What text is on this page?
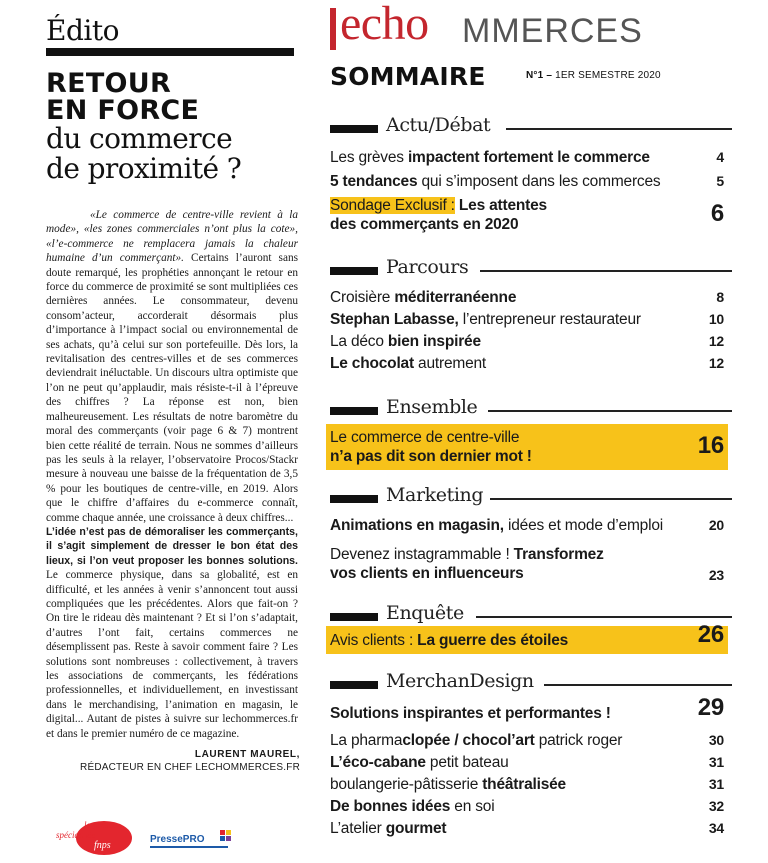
Édito
RETOUR
EN FORCE
du commerce
de proximité ?

«Le commerce de centre-ville revient à la mode», «les zones commerciales n’ont plus la cote», «l’e-commerce ne remplacera jamais la chaleur humaine d’un commerçant». Certains l’auront sans doute remarqué, les prophéties annonçant le retour en force du commerce de proximité se sont multipliées ces dernières années. Le consommateur, devenu consom’acteur, accorderait désormais plus d’importance à l’impact social ou environnemental de ses achats, qu’à celui sur son portefeuille. Dès lors, la revitalisation des centres-villes et de ses commerces deviendrait inéluctable. Un discours ultra optimiste que l’on ne peut qu’applaudir, mais résiste-t-il à l’épreuve des chiffres ? La réponse est non, bien malheureusement. Les résultats de notre baromètre du moral des commerçants (voir page 6 & 7) montrent bien cette réalité de terrain. Nous ne sommes d’ailleurs pas les seuls à la relayer, l’observatoire Procos/Stackr mesure à nouveau une baisse de la fréquentation de 3,5 % pour les boutiques de centre-ville, en 2019. Alors que le chiffre d’affaires du e-commerce connaît, comme chaque année, une croissance à deux chiffres...

L’idée n’est pas de démoraliser les commerçants, il s’agit simplement de dresser le bon état des lieux, si l’on veut proposer les bonnes solutions. Le commerce physique, dans sa globalité, est en difficulté, et les années à venir s’annoncent tout aussi compliquées que les précédentes. Alors que fait-on ? On tire le rideau dès maintenant ? Et si l’on s’adaptait, d’autres l’ont fait, certains commerces ne désemplissent pas. Reste à savoir comment faire ? Les solutions sont nombreuses : collectivement, à travers les associations de commerçants, les fédérations professionnelles, et individuellement, en investissant dans le merchandising, l’animation en magasin, le digital... Autant de pistes à suivre sur lechommerces.fr et dans le premier numéro de ce magazine.

LAURENT MAUREL,
RÉDACTEUR EN CHEF LECHOMMERCES.FR
la presse
spécialisée
fnps
PressePRO
echo MMERCES
SOMMAIRE	N°1 – 1ER SEMESTRE 2020
Actu/Débat
Les grèves impactent fortement le commerce	4
5 tendances qui s’imposent dans les commerces	5
Sondage Exclusif : Les attentes
des commerçants en 2020	6
Parcours
Croisière méditerranéenne	8
Stephan Labasse, l’entrepreneur restaurateur	10
La déco bien inspirée	12
Le chocolat autrement	12
Ensemble
Le commerce de centre-ville
n’a pas dit son dernier mot !	16
Marketing
Animations en magasin, idées et mode d’emploi	20
Devenez instagrammable ! Transformez
vos clients en influenceurs	23
Enquête
Avis clients : La guerre des étoiles	26
MerchanDesign
Solutions inspirantes et performantes !	29
La pharmaclopée / chocol’art patrick roger	30
L’éco-cabane petit bateau	31
boulangerie-pâtisserie théâtralisée	31
De bonnes idées en soi	32
L’atelier gourmet	34
